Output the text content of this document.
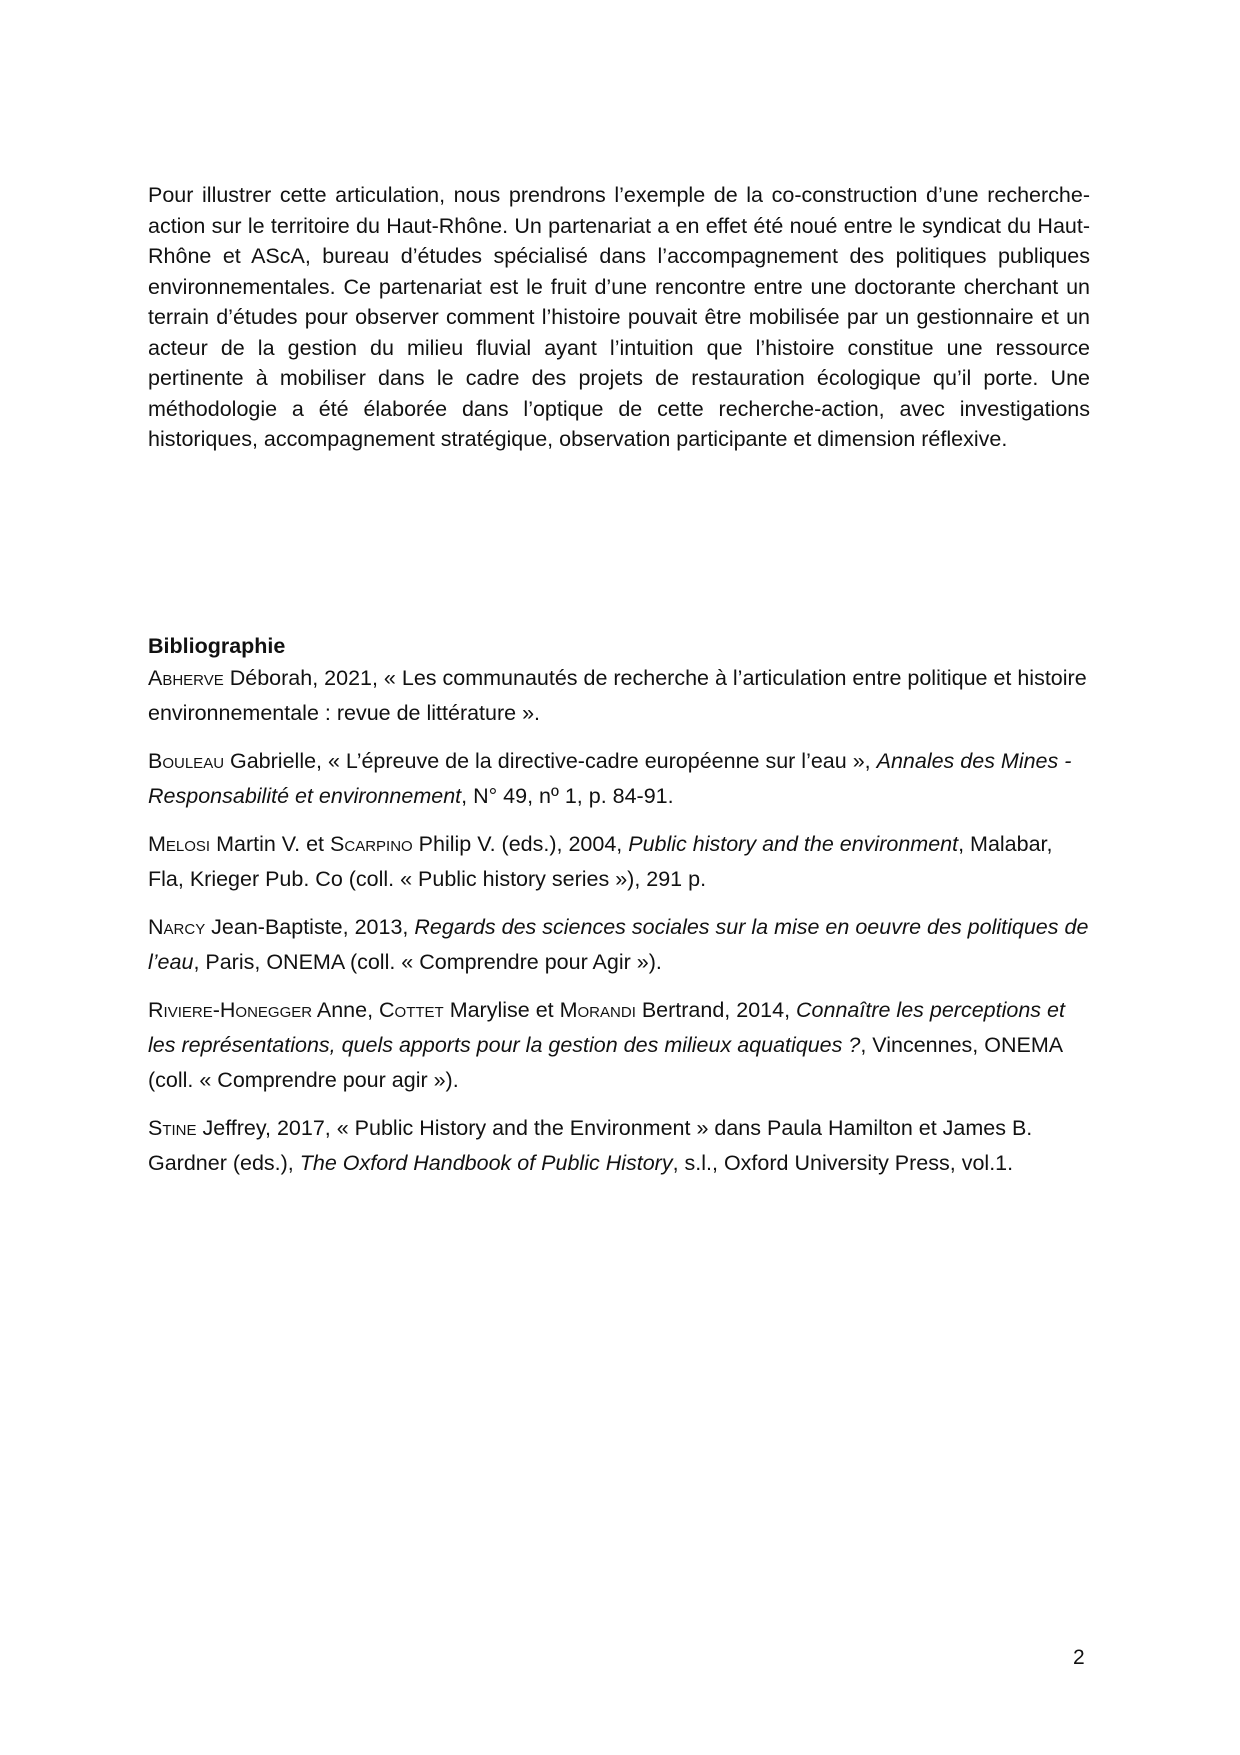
Pour illustrer cette articulation, nous prendrons l’exemple de la co-construction d’une recherche-action sur le territoire du Haut-Rhône. Un partenariat a en effet été noué entre le syndicat du Haut-Rhône et AScA, bureau d’études spécialisé dans l’accompagnement des politiques publiques environnementales. Ce partenariat est le fruit d’une rencontre entre une doctorante cherchant un terrain d’études pour observer comment l’histoire pouvait être mobilisée par un gestionnaire et un acteur de la gestion du milieu fluvial ayant l’intuition que l’histoire constitue une ressource pertinente à mobiliser dans le cadre des projets de restauration écologique qu’il porte. Une méthodologie a été élaborée dans l’optique de cette recherche-action, avec investigations historiques, accompagnement stratégique, observation participante et dimension réflexive.

Bibliographie

Abherve Déborah, 2021, « Les communautés de recherche à l’articulation entre politique et histoire environnementale : revue de littérature ».

Bouleau Gabrielle, « L’épreuve de la directive-cadre européenne sur l’eau », Annales des Mines - Responsabilité et environnement, N° 49, nº 1, p. 84-91.

Melosi Martin V. et Scarpino Philip V. (eds.), 2004, Public history and the environment, Malabar, Fla, Krieger Pub. Co (coll. « Public history series »), 291 p.

Narcy Jean-Baptiste, 2013, Regards des sciences sociales sur la mise en oeuvre des politiques de l’eau, Paris, ONEMA (coll. « Comprendre pour Agir »).

Riviere-Honegger Anne, Cottet Marylise et Morandi Bertrand, 2014, Connaître les perceptions et les représentations, quels apports pour la gestion des milieux aquatiques ?, Vincennes, ONEMA (coll. « Comprendre pour agir »).

Stine Jeffrey, 2017, « Public History and the Environment » dans Paula Hamilton et James B. Gardner (eds.), The Oxford Handbook of Public History, s.l., Oxford University Press, vol.1.

2
